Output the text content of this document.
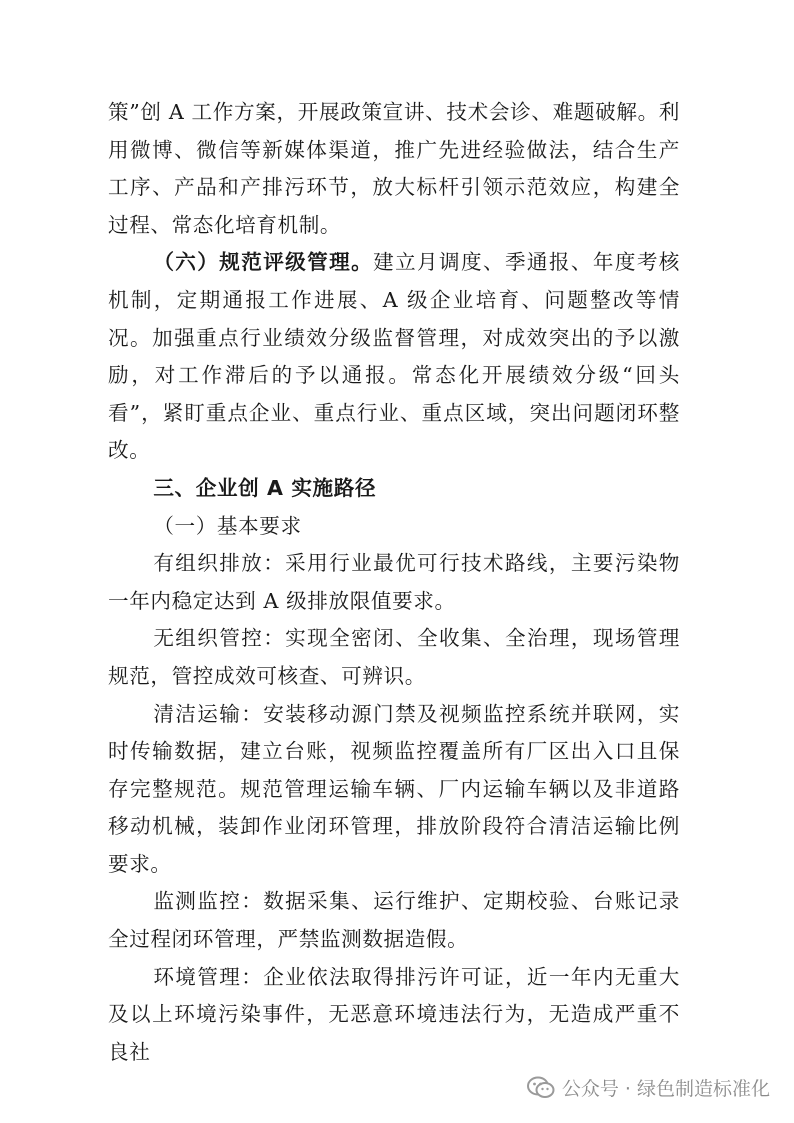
策”创 A 工作方案，开展政策宣讲、技术会诊、难题破解。利用微博、微信等新媒体渠道，推广先进经验做法，结合生产工序、产品和产排污环节，放大标杆引领示范效应，构建全过程、常态化培育机制。

（六）规范评级管理。建立月调度、季通报、年度考核机制，定期通报工作进展、A 级企业培育、问题整改等情况。加强重点行业绩效分级监督管理，对成效突出的予以激励，对工作滞后的予以通报。常态化开展绩效分级“回头看”，紧盯重点企业、重点行业、重点区域，突出问题闭环整改。

三、企业创 A 实施路径

（一）基本要求

有组织排放：采用行业最优可行技术路线，主要污染物一年内稳定达到 A 级排放限值要求。

无组织管控：实现全密闭、全收集、全治理，现场管理规范，管控成效可核查、可辨识。

清洁运输：安装移动源门禁及视频监控系统并联网，实时传输数据，建立台账，视频监控覆盖所有厂区出入口且保存完整规范。规范管理运输车辆、厂内运输车辆以及非道路移动机械，装卸作业闭环管理，排放阶段符合清洁运输比例要求。

监测监控：数据采集、运行维护、定期校验、台账记录全过程闭环管理，严禁监测数据造假。

环境管理：企业依法取得排污许可证，近一年内无重大及以上环境污染事件，无恶意环境违法行为，无造成严重不良社

公众号 · 绿色制造标准化
